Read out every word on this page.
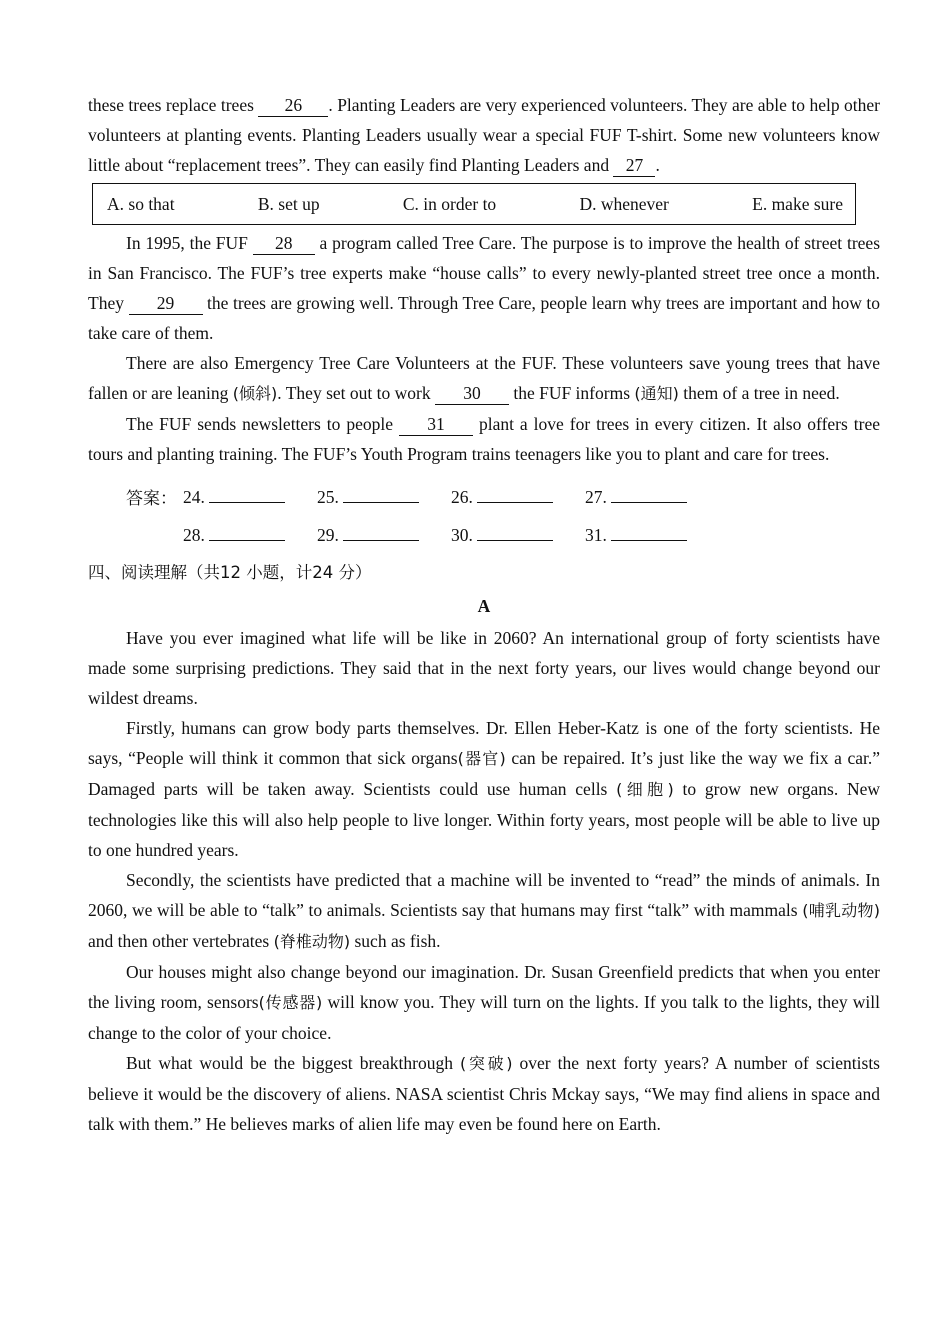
these trees replace trees 26 . Planting Leaders are very experienced volunteers. They are able to help other volunteers at planting events. Planting Leaders usually wear a special FUF T-shirt. Some new volunteers know little about “replacement trees”. They can easily find Planting Leaders and 27 .

A. so that	B. set up	C. in order to	D. whenever	E. make sure

In 1995, the FUF 28 a program called Tree Care. The purpose is to improve the health of street trees in San Francisco. The FUF’s tree experts make “house calls” to every newly-planted street tree once a month. They 29 the trees are growing well. Through Tree Care, people learn why trees are important and how to take care of them.

There are also Emergency Tree Care Volunteers at the FUF. These volunteers save young trees that have fallen or are leaning (倾斜). They set out to work 30 the FUF informs (通知) them of a tree in need.

The FUF sends newsletters to people 31 plant a love for trees in every citizen. It also offers tree tours and planting training. The FUF’s Youth Program trains teenagers like you to plant and care for trees.

答案： 24.	25.	26.	27.
28.	29.	30.	31.
四、阅读理解（共12 小题，计24 分）
A

Have you ever imagined what life will be like in 2060? An international group of forty scientists have made some surprising predictions. They said that in the next forty years, our lives would change beyond our wildest dreams.

Firstly, humans can grow body parts themselves. Dr. Ellen Heber-Katz is one of the forty scientists. He says, “People will think it common that sick organs(器官) can be repaired. It’s just like the way we fix a car.” Damaged parts will be taken away. Scientists could use human cells (细胞) to grow new organs. New technologies like this will also help people to live longer. Within forty years, most people will be able to live up to one hundred years.

Secondly, the scientists have predicted that a machine will be invented to “read” the minds of animals. In 2060, we will be able to “talk” to animals. Scientists say that humans may first “talk” with mammals (哺乳动物) and then other vertebrates (脊椎动物) such as fish.

Our houses might also change beyond our imagination. Dr. Susan Greenfield predicts that when you enter the living room, sensors(传感器) will know you. They will turn on the lights. If you talk to the lights, they will change to the color of your choice.

But what would be the biggest breakthrough (突破) over the next forty years? A number of scientists believe it would be the discovery of aliens. NASA scientist Chris Mckay says, “We may find aliens in space and talk with them.” He believes marks of alien life may even be found here on Earth.
